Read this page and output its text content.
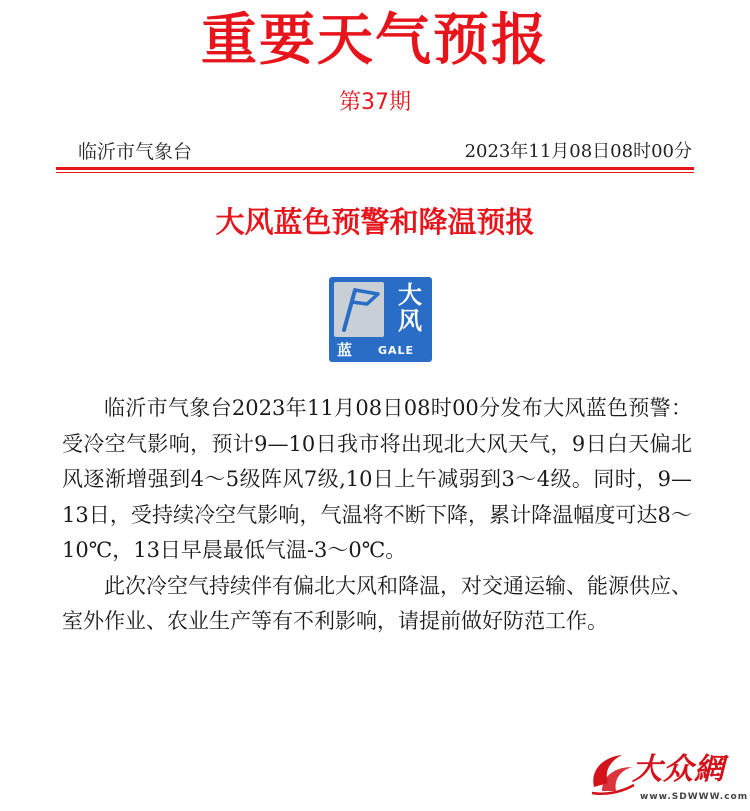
重要天气预报
第37期
临沂市气象台	2023年11月08日08时00分
大风蓝色预警和降温预报
大
风
蓝	GALE

临沂市气象台2023年11月08日08时00分发布大风蓝色预警：受冷空气影响，预计9—10日我市将出现北大风天气，9日白天偏北风逐渐增强到4～5级阵风7级,10日上午减弱到3～4级。同时，9—13日，受持续冷空气影响，气温将不断下降，累计降温幅度可达8～10℃，13日早晨最低气温-3～0℃。

此次冷空气持续伴有偏北大风和降温，对交通运输、能源供应、室外作业、农业生产等有不利影响，请提前做好防范工作。

大众網
www.SDWWW.com
